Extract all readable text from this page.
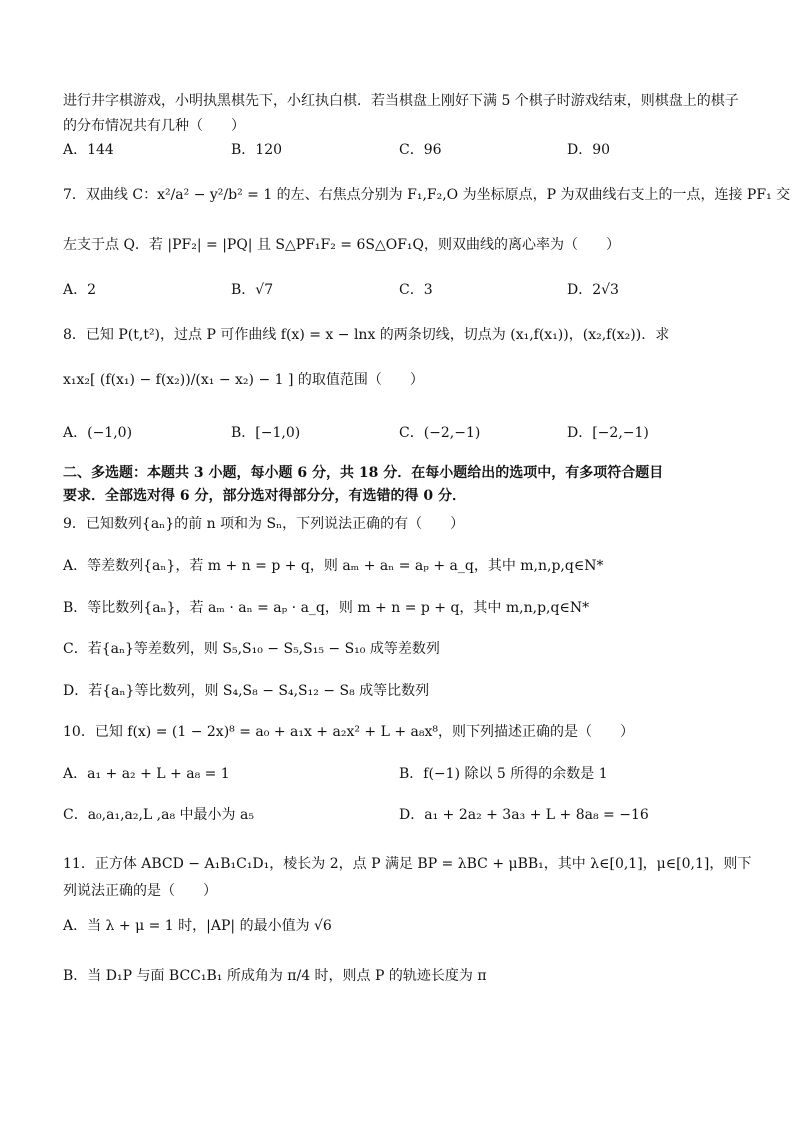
进行井字棋游戏，小明执黑棋先下，小红执白棋．若当棋盘上刚好下满 5 个棋子时游戏结束，则棋盘上的棋子
的分布情况共有几种（　　）
A．144	B．120	C．96	D．90
7．双曲线 C：x²/a² − y²/b² = 1 的左、右焦点分别为 F₁,F₂,O 为坐标原点，P 为双曲线右支上的一点，连接 PF₁ 交
左支于点 Q．若 |PF₂| = |PQ| 且 S△PF₁F₂ = 6S△OF₁Q，则双曲线的离心率为（　　）
A．2	B．√7	C．3	D．2√3
8．已知 P(t,t²)，过点 P 可作曲线 f(x) = x − lnx 的两条切线，切点为 (x₁,f(x₁))，(x₂,f(x₂))．求
x₁x₂[ (f(x₁) − f(x₂))/(x₁ − x₂) − 1 ] 的取值范围（　　）
A．(−1,0)	B．[−1,0)	C．(−2,−1)	D．[−2,−1)
二、多选题：本题共 3 小题，每小题 6 分，共 18 分．在每小题给出的选项中，有多项符合题目
要求．全部选对得 6 分，部分选对得部分分，有选错的得 0 分．
9．已知数列{aₙ}的前 n 项和为 Sₙ，下列说法正确的有（　　）
A．等差数列{aₙ}，若 m + n = p + q，则 aₘ + aₙ = aₚ + a_q，其中 m,n,p,q∈N*
B．等比数列{aₙ}，若 aₘ · aₙ = aₚ · a_q，则 m + n = p + q，其中 m,n,p,q∈N*
C．若{aₙ}等差数列，则 S₅,S₁₀ − S₅,S₁₅ − S₁₀ 成等差数列
D．若{aₙ}等比数列，则 S₄,S₈ − S₄,S₁₂ − S₈ 成等比数列
10．已知 f(x) = (1 − 2x)⁸ = a₀ + a₁x + a₂x² + L + a₈x⁸，则下列描述正确的是（　　）
A．a₁ + a₂ + L + a₈ = 1	B．f(−1) 除以 5 所得的余数是 1
C．a₀,a₁,a₂,L ,a₈ 中最小为 a₅	D．a₁ + 2a₂ + 3a₃ + L + 8a₈ = −16
11．正方体 ABCD − A₁B₁C₁D₁，棱长为 2，点 P 满足 BP = λBC + μBB₁，其中 λ∈[0,1]，μ∈[0,1]，则下
列说法正确的是（　　）
A．当 λ + μ = 1 时，|AP| 的最小值为 √6
B．当 D₁P 与面 BCC₁B₁ 所成角为 π/4 时，则点 P 的轨迹长度为 π
